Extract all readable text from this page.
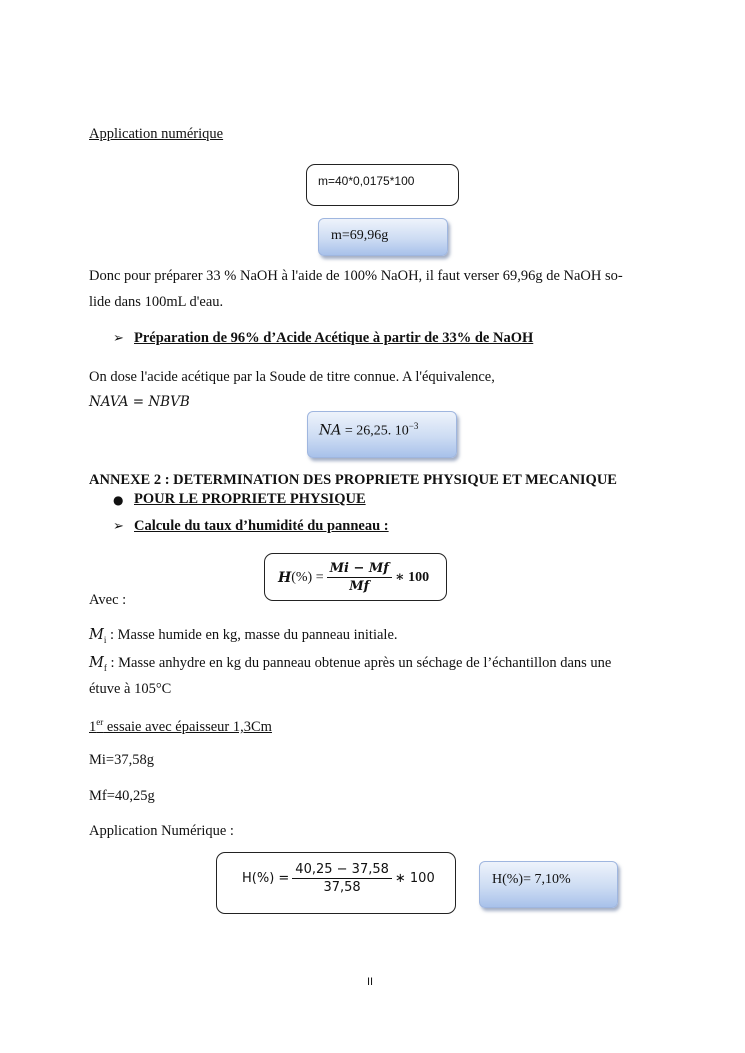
Application numérique
m=40*0,0175*100
m=69,96g
Donc pour préparer 33 % NaOH à l'aide de 100% NaOH, il faut verser 69,96g de NaOH so-
lide dans 100mL d'eau.
➢ Préparation de 96% d’Acide Acétique à partir de 33% de NaOH
On dose l'acide acétique par la Soude de titre connue. A l'équivalence,
NAVA = NBVB
NA = 26,25. $10^{-3}$
ANNEXE 2 : DETERMINATION DES PROPRIETE PHYSIQUE ET MECANIQUE
● POUR LE PROPRIETE PHYSIQUE
➢ Calcule du taux d’humidité du panneau :
H (%) = $\frac{Mi - Mf}{Mf}$ ∗ 100
Avec :
$M_i$ : Masse humide en kg, masse du panneau initiale.
$M_f$ : Masse anhydre en kg du panneau obtenue après un séchage de l’échantillon dans une
étuve à 105°C
1er essaie avec épaisseur 1,3Cm
Mi=37,58g
Mf=40,25g
Application Numérique :
$H(\%) = \frac{40,25 - 37,58}{37,58}$ ∗ 100	H(%)= 7,10%
II
